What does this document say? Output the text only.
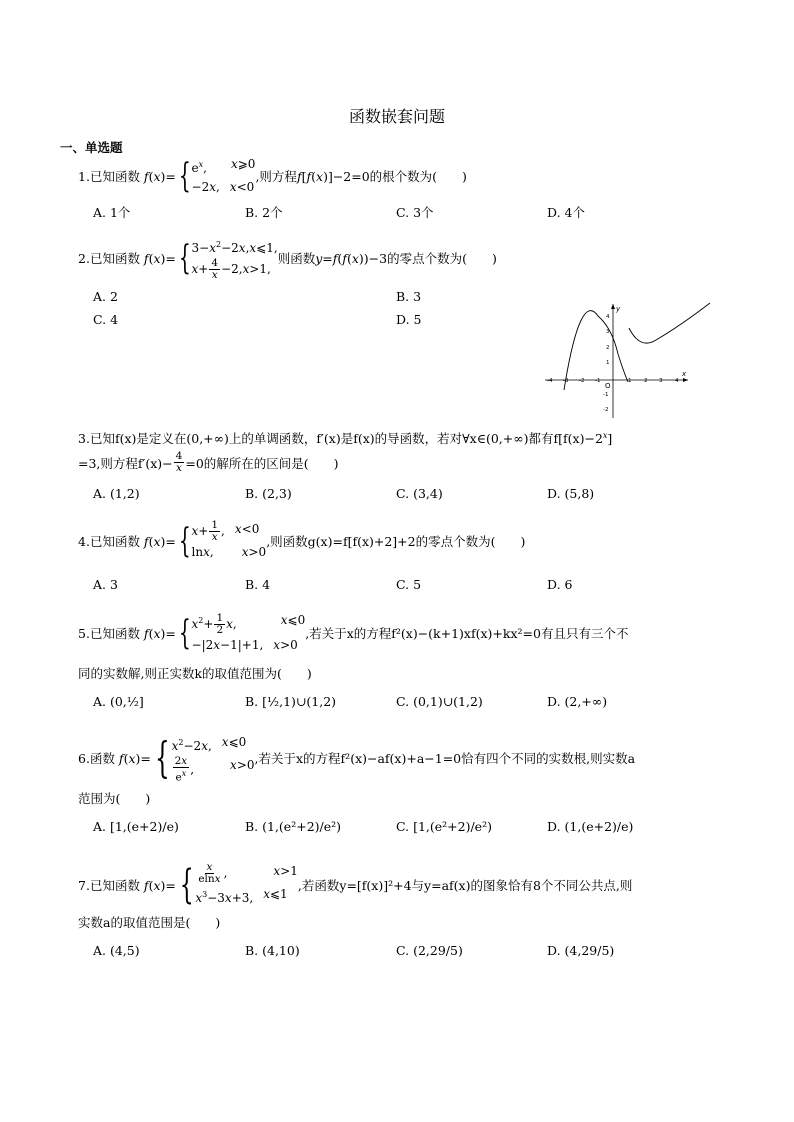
函数嵌套问题
一、单选题
1. 已知函数 f ( x )= { $e^x$, x⩾0
−2x, x<0
,则方程 f [ f ( x )]−2=0 的根个数为(　　)
A. 1个	B. 2个	C. 3个	D. 4个
2. 已知函数 f ( x )= { $3-x^2-2x,x⩽1$,
$x+ \frac{4}{x} -2,x>1$,
则函数 y = f ( f ( x ))−3 的零点个数为(　　)
A. 2	B. 3
C. 4	D. 5
x
y
O
-4 -3 -2 -1	1 2 3 4
4
3
2
1
-1
-2
3.已知f(x)是定义在(0,+∞)上的单调函数，f′(x)是f(x)的导函数，若对∀x∈(0,+∞)都有$f[f(x)-2^x]$
=3,则方程$f'(x)- \frac{4}{x} =0$的解所在的区间是(　　)
A. (1,2)	B. (2,3)	C. (3,4)	D. (5,8)
4. 已知函数 f ( x )= { $x+ \frac{1}{x}$ , x<0
lnx, x>0
,则函数g(x)=f[f(x)+2]+2的零点个数为(　　)
A. 3	B. 4	C. 5	D. 6
5. 已知函数 f ( x )= { $x^2+ \frac{1}{2} x$,	x⩽0
−|2x−1|+1, x>0
,若关于x的方程f²(x)−(k+1)xf(x)+kx²=0有且只有三个不
同的实数解,则正实数k的取值范围为(　　)
A. (0,½]	B. [½,1)∪(1,2)	C. (0,1)∪(1,2)	D. (2,+∞)
6. 函数 f ( x )= { $x^2-2x$, x⩽0
$\frac{2x}{e^x}$ ,	x>0 ,若关于x的方程f²(x)−af(x)+a−1=0恰有四个不同的实数根,则实数a
范围为(　　)
A. [1,(e+2)/e)	B. (1,(e²+2)/e²)	C. [1,(e²+2)/e²)	D. (1,(e+2)/e)
7. 已知函数 f ( x )= { $\frac{x}{elnx}$ ,	x>1
$x^3-3x+3$, x⩽1
,若函数y=[f(x)]²+4与y=af(x)的图象恰有8个不同公共点,则
实数a的取值范围是(　　)
A. (4,5)	B. (4,10)	C. (2,29/5)	D. (4,29/5)
